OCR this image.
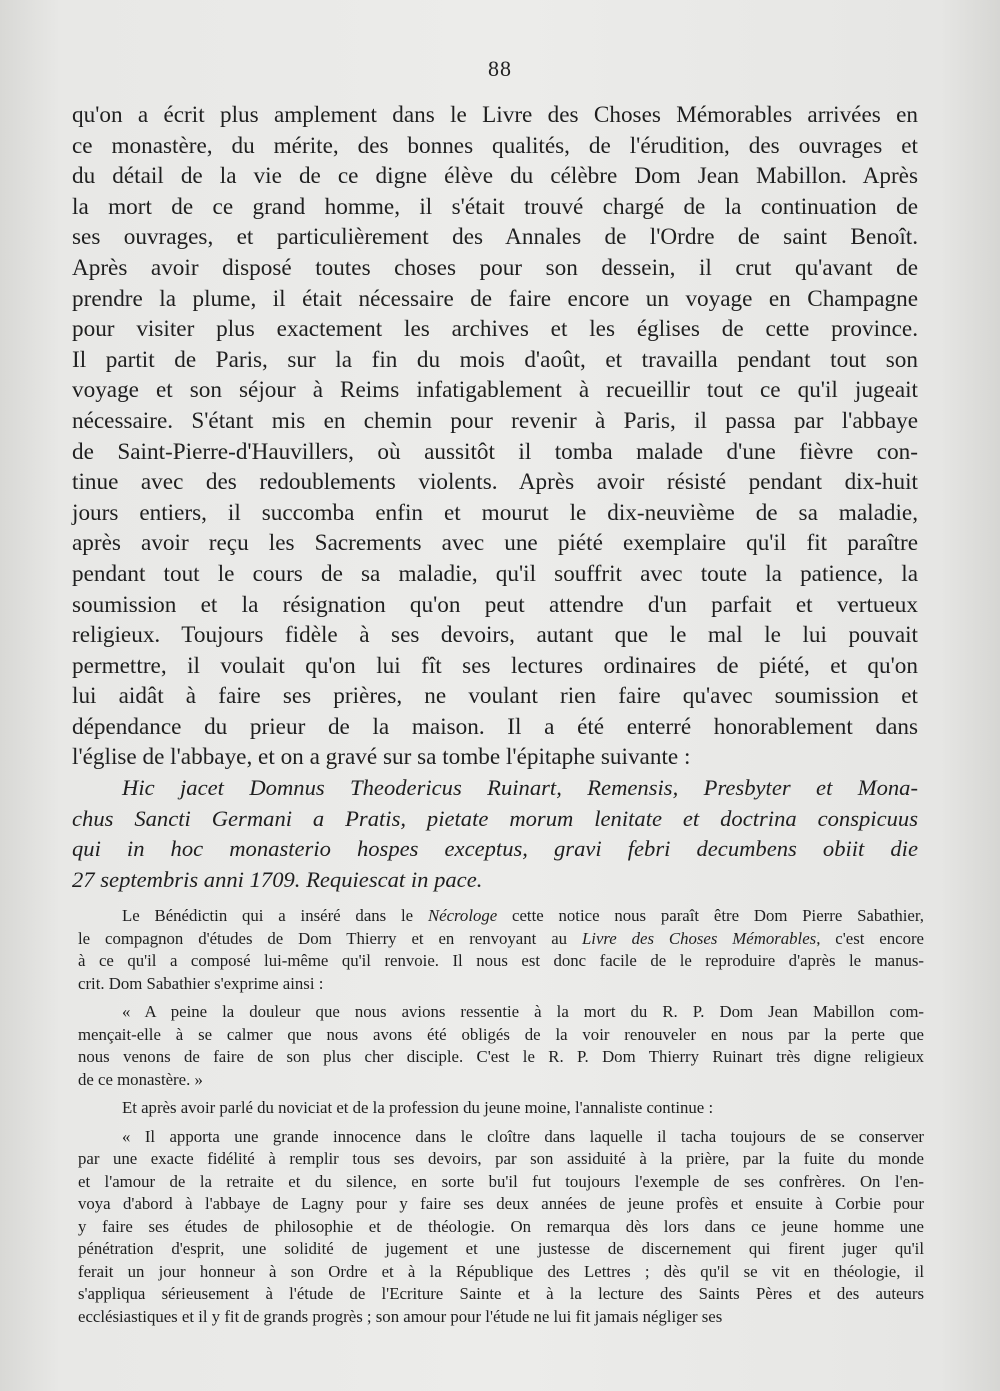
88
qu'on a écrit plus amplement dans le Livre des Choses Mémorables arrivées en
ce monastère, du mérite, des bonnes qualités, de l'érudition, des ouvrages et
du détail de la vie de ce digne élève du célèbre Dom Jean Mabillon. Après
la mort de ce grand homme, il s'était trouvé chargé de la continuation de
ses ouvrages, et particulièrement des Annales de l'Ordre de saint Benoît.
Après avoir disposé toutes choses pour son dessein, il crut qu'avant de
prendre la plume, il était nécessaire de faire encore un voyage en Champagne
pour visiter plus exactement les archives et les églises de cette province.
Il partit de Paris, sur la fin du mois d'août, et travailla pendant tout son
voyage et son séjour à Reims infatigablement à recueillir tout ce qu'il jugeait
nécessaire. S'étant mis en chemin pour revenir à Paris, il passa par l'abbaye
de Saint-Pierre-d'Hauvillers, où aussitôt il tomba malade d'une fièvre con-
tinue avec des redoublements violents. Après avoir résisté pendant dix-huit
jours entiers, il succomba enfin et mourut le dix-neuvième de sa maladie,
après avoir reçu les Sacrements avec une piété exemplaire qu'il fit paraître
pendant tout le cours de sa maladie, qu'il souffrit avec toute la patience, la
soumission et la résignation qu'on peut attendre d'un parfait et vertueux
religieux. Toujours fidèle à ses devoirs, autant que le mal le lui pouvait
permettre, il voulait qu'on lui fît ses lectures ordinaires de piété, et qu'on
lui aidât à faire ses prières, ne voulant rien faire qu'avec soumission et
dépendance du prieur de la maison. Il a été enterré honorablement dans
l'église de l'abbaye, et on a gravé sur sa tombe l'épitaphe suivante :
Hic jacet Domnus Theodericus Ruinart, Remensis, Presbyter et Mona-
chus Sancti Germani a Pratis, pietate morum lenitate et doctrina conspicuus
qui in hoc monasterio hospes exceptus, gravi febri decumbens obiit die
27 septembris anni 1709. Requiescat in pace.
Le Bénédictin qui a inséré dans le Nécrologe cette notice nous paraît être Dom Pierre Sabathier,
le compagnon d'études de Dom Thierry et en renvoyant au Livre des Choses Mémorables, c'est encore
à ce qu'il a composé lui-même qu'il renvoie. Il nous est donc facile de le reproduire d'après le manus-
crit. Dom Sabathier s'exprime ainsi :
« A peine la douleur que nous avions ressentie à la mort du R. P. Dom Jean Mabillon com-
mençait-elle à se calmer que nous avons été obligés de la voir renouveler en nous par la perte que
nous venons de faire de son plus cher disciple. C'est le R. P. Dom Thierry Ruinart très digne religieux
de ce monastère. »
Et après avoir parlé du noviciat et de la profession du jeune moine, l'annaliste continue :
« Il apporta une grande innocence dans le cloître dans laquelle il tacha toujours de se conserver
par une exacte fidélité à remplir tous ses devoirs, par son assiduité à la prière, par la fuite du monde
et l'amour de la retraite et du silence, en sorte bu'il fut toujours l'exemple de ses confrères. On l'en-
voya d'abord à l'abbaye de Lagny pour y faire ses deux années de jeune profès et ensuite à Corbie pour
y faire ses études de philosophie et de théologie. On remarqua dès lors dans ce jeune homme une
pénétration d'esprit, une solidité de jugement et une justesse de discernement qui firent juger qu'il
ferait un jour honneur à son Ordre et à la République des Lettres ; dès qu'il se vit en théologie, il
s'appliqua sérieusement à l'étude de l'Ecriture Sainte et à la lecture des Saints Pères et des auteurs
ecclésiastiques et il y fit de grands progrès ; son amour pour l'étude ne lui fit jamais négliger ses
